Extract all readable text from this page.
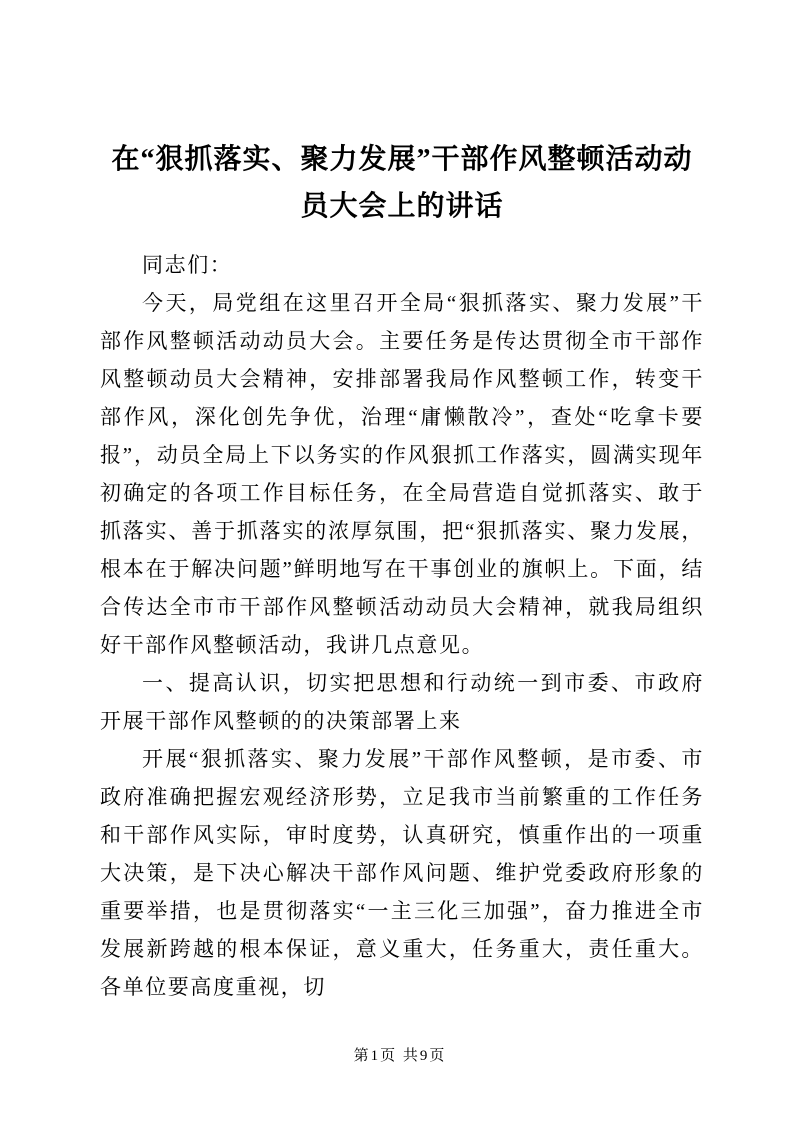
在“狠抓落实、聚力发展”干部作风整顿活动动员大会上的讲话

同志们：

今天，局党组在这里召开全局“狠抓落实、聚力发展”干部作风整顿活动动员大会。主要任务是传达贯彻全市干部作风整顿动员大会精神，安排部署我局作风整顿工作，转变干部作风，深化创先争优，治理“庸懒散冷”，查处“吃拿卡要报”，动员全局上下以务实的作风狠抓工作落实，圆满实现年初确定的各项工作目标任务，在全局营造自觉抓落实、敢于抓落实、善于抓落实的浓厚氛围，把“狠抓落实、聚力发展，根本在于解决问题”鲜明地写在干事创业的旗帜上。下面，结合传达全市市干部作风整顿活动动员大会精神，就我局组织好干部作风整顿活动，我讲几点意见。

一、提高认识，切实把思想和行动统一到市委、市政府开展干部作风整顿的的决策部署上来

开展“狠抓落实、聚力发展”干部作风整顿，是市委、市政府准确把握宏观经济形势，立足我市当前繁重的工作任务和干部作风实际，审时度势，认真研究，慎重作出的一项重大决策，是下决心解决干部作风问题、维护党委政府形象的重要举措，也是贯彻落实“一主三化三加强”，奋力推进全市发展新跨越的根本保证，意义重大，任务重大，责任重大。各单位要高度重视，切

第1页 共9页
